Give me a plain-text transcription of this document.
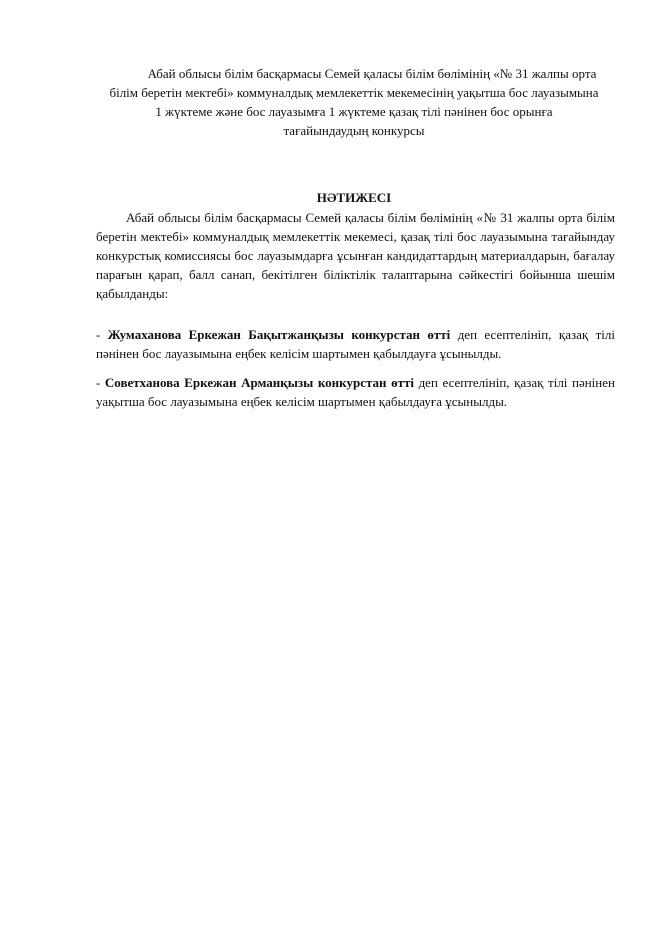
Абай облысы білім басқармасы Семей қаласы білім бөлімінің «№ 31 жалпы орта
білім беретін мектебі» коммуналдық мемлекеттік мекемесінің уақытша бос лауазымына
1 жүктеме және бос лауазымға 1 жүктеме қазақ тілі пәнінен бос орынға
тағайындаудың конкурсы
НӘТИЖЕСІ

Абай облысы білім басқармасы Семей қаласы білім бөлімінің «№ 31 жалпы орта білім беретін мектебі» коммуналдық мемлекеттік мекемесі, қазақ тілі бос лауазымына тағайындау конкурстық комиссиясы бос лауазымдарға ұсынған кандидаттардың материалдарын, бағалау парағын қарап, балл санап, бекітілген біліктілік талаптарына сәйкестігі бойынша шешім қабылданды:

- Жумаханова Еркежан Бақытжанқызы конкурстан өтті деп есептелініп, қазақ тілі пәнінен бос лауазымына еңбек келісім шартымен қабылдауға ұсынылды.

- Советханова Еркежан Арманқызы конкурстан өтті деп есептелініп, қазақ тілі пәнінен уақытша бос лауазымына еңбек келісім шартымен қабылдауға ұсынылды.
